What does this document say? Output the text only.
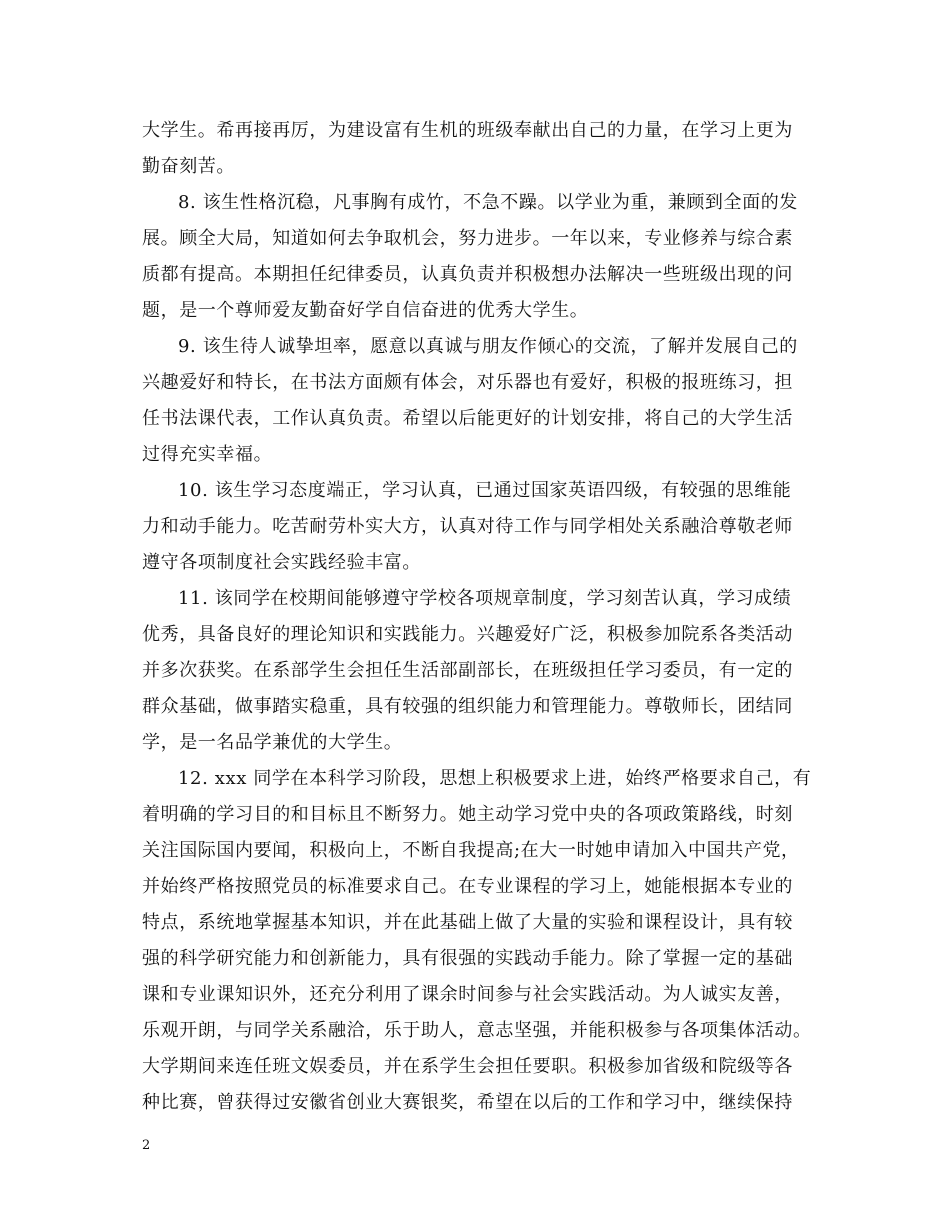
大学生。希再接再厉，为建设富有生机的班级奉献出自己的力量，在学习上更为
勤奋刻苦。
8. 该生性格沉稳，凡事胸有成竹，不急不躁。以学业为重，兼顾到全面的发
展。顾全大局，知道如何去争取机会，努力进步。一年以来，专业修养与综合素
质都有提高。本期担任纪律委员，认真负责并积极想办法解决一些班级出现的问
题，是一个尊师爱友勤奋好学自信奋进的优秀大学生。
9. 该生待人诚挚坦率，愿意以真诚与朋友作倾心的交流，了解并发展自己的
兴趣爱好和特长，在书法方面颇有体会，对乐器也有爱好，积极的报班练习，担
任书法课代表，工作认真负责。希望以后能更好的计划安排，将自己的大学生活
过得充实幸福。
10. 该生学习态度端正，学习认真，已通过国家英语四级，有较强的思维能
力和动手能力。吃苦耐劳朴实大方，认真对待工作与同学相处关系融洽尊敬老师
遵守各项制度社会实践经验丰富。
11. 该同学在校期间能够遵守学校各项规章制度，学习刻苦认真，学习成绩
优秀，具备良好的理论知识和实践能力。兴趣爱好广泛，积极参加院系各类活动
并多次获奖。在系部学生会担任生活部副部长，在班级担任学习委员，有一定的
群众基础，做事踏实稳重，具有较强的组织能力和管理能力。尊敬师长，团结同
学，是一名品学兼优的大学生。
12. xxx 同学在本科学习阶段，思想上积极要求上进，始终严格要求自己，有
着明确的学习目的和目标且不断努力。她主动学习党中央的各项政策路线，时刻
关注国际国内要闻，积极向上，不断自我提高;在大一时她申请加入中国共产党，
并始终严格按照党员的标准要求自己。在专业课程的学习上，她能根据本专业的
特点，系统地掌握基本知识，并在此基础上做了大量的实验和课程设计，具有较
强的科学研究能力和创新能力，具有很强的实践动手能力。除了掌握一定的基础
课和专业课知识外，还充分利用了课余时间参与社会实践活动。为人诚实友善，
乐观开朗，与同学关系融洽，乐于助人，意志坚强，并能积极参与各项集体活动。
大学期间来连任班文娱委员，并在系学生会担任要职。积极参加省级和院级等各
种比赛，曾获得过安徽省创业大赛银奖，希望在以后的工作和学习中，继续保持
2
